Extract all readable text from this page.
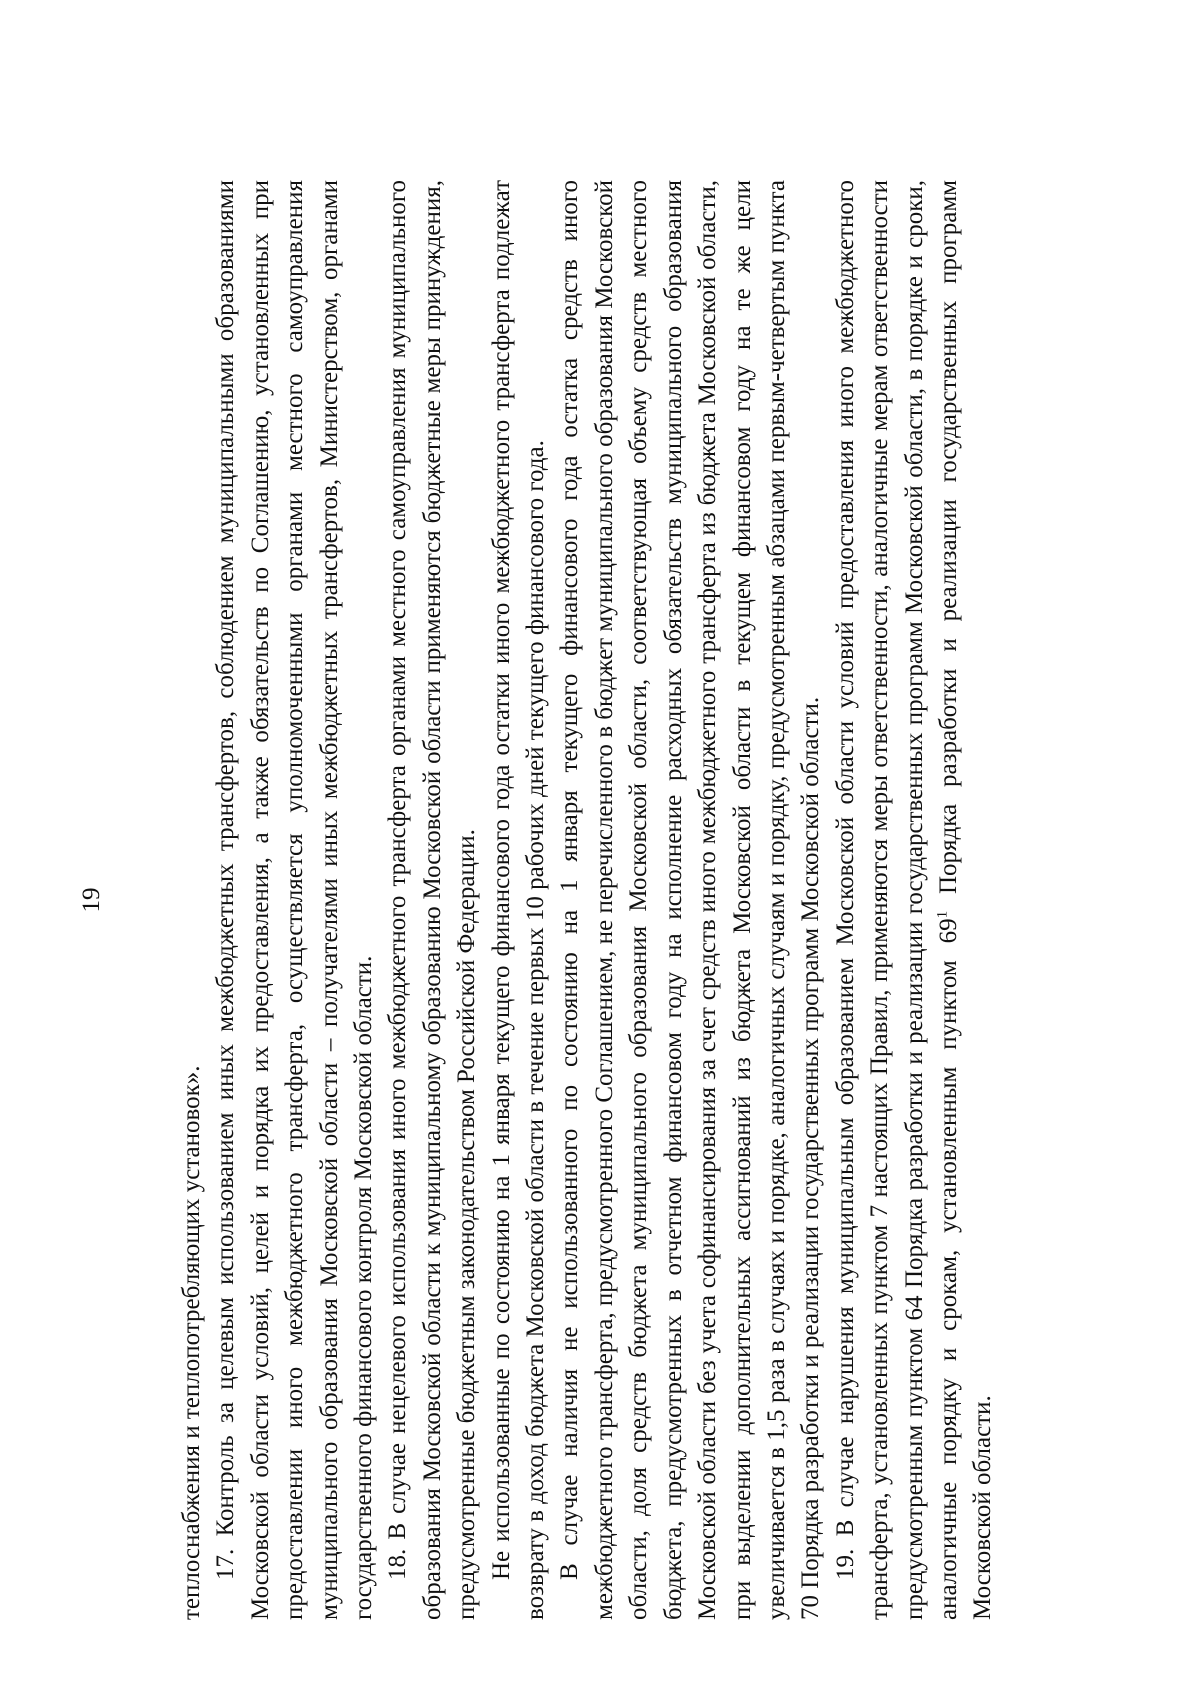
19

теплоснабжения и теплопотребляющих установок». 17. Контроль за целевым использованием иных межбюджетных трансфертов, соблюдением муниципальными образованиями Московской области условий, целей и порядка их предоставления, а также обязательств по Соглашению, установленных при предоставлении иного межбюджетного трансферта, осуществляется уполномоченными органами местного самоуправления муниципального образования Московской области – получателями иных межбюджетных трансфертов, Министерством, органами государственного финансового контроля Московской области. 18. В случае нецелевого использования иного межбюджетного трансферта органами местного самоуправления муниципального образования Московской области к муниципальному образованию Московской области применяются бюджетные меры принуждения, предусмотренные бюджетным законодательством Российской Федерации. Не использованные по состоянию на 1 января текущего финансового года остатки иного межбюджетного трансферта подлежат возврату в доход бюджета Московской области в течение первых 10 рабочих дней текущего финансового года. В случае наличия не использованного по состоянию на 1 января текущего финансового года остатка средств иного межбюджетного трансферта, предусмотренного Соглашением, не перечисленного в бюджет муниципального образования Московской области, доля средств бюджета муниципального образования Московской области, соответствующая объему средств местного бюджета, предусмотренных в отчетном финансовом году на исполнение расходных обязательств муниципального образования Московской области без учета софинансирования за счет средств иного межбюджетного трансферта из бюджета Московской области, при выделении дополнительных ассигнований из бюджета Московской области в текущем финансовом году на те же цели увеличивается в 1,5 раза в случаях и порядке, аналогичных случаям и порядку, предусмотренным абзацами первым-четвертым пункта 70 Порядка разработки и реализации государственных программ Московской области. 19. В случае нарушения муниципальным образованием Московской области условий предоставления иного межбюджетного трансферта, установленных пунктом 7 настоящих Правил, применяются меры ответственности, аналогичные мерам ответственности предусмотренным пунктом 64 Порядка разработки и реализации государственных программ Московской области, в порядке и сроки, аналогичные порядку и срокам, установленным пунктом $69^1$ Порядка разработки и реализации государственных программ Московской области.
